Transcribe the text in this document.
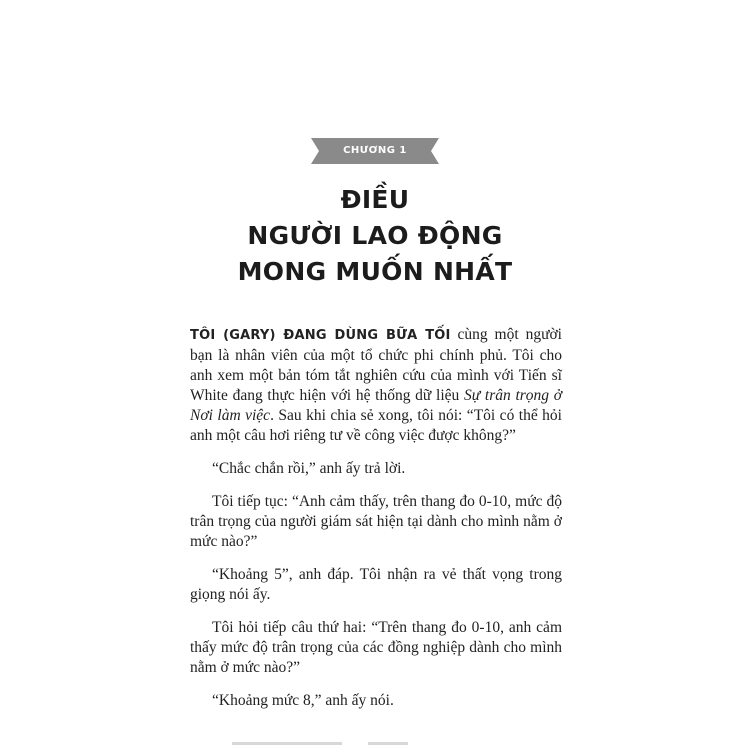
CHƯƠNG 1
ĐIỀU
NGƯỜI LAO ĐỘNG
MONG MUỐN NHẤT

TÔI (GARY) ĐANG DÙNG BỮA TỐI cùng một người bạn là nhân viên của một tổ chức phi chính phủ. Tôi cho anh xem một bản tóm tắt nghiên cứu của mình với Tiến sĩ White đang thực hiện với hệ thống dữ liệu Sự trân trọng ở Nơi làm việc. Sau khi chia sẻ xong, tôi nói: “Tôi có thể hỏi anh một câu hơi riêng tư về công việc được không?”

“Chắc chắn rồi,” anh ấy trả lời.

Tôi tiếp tục: “Anh cảm thấy, trên thang đo 0-10, mức độ trân trọng của người giám sát hiện tại dành cho mình nằm ở mức nào?”

“Khoảng 5”, anh đáp. Tôi nhận ra vẻ thất vọng trong giọng nói ấy.

Tôi hỏi tiếp câu thứ hai: “Trên thang đo 0-10, anh cảm thấy mức độ trân trọng của các đồng nghiệp dành cho mình nằm ở mức nào?”

“Khoảng mức 8,” anh ấy nói.
